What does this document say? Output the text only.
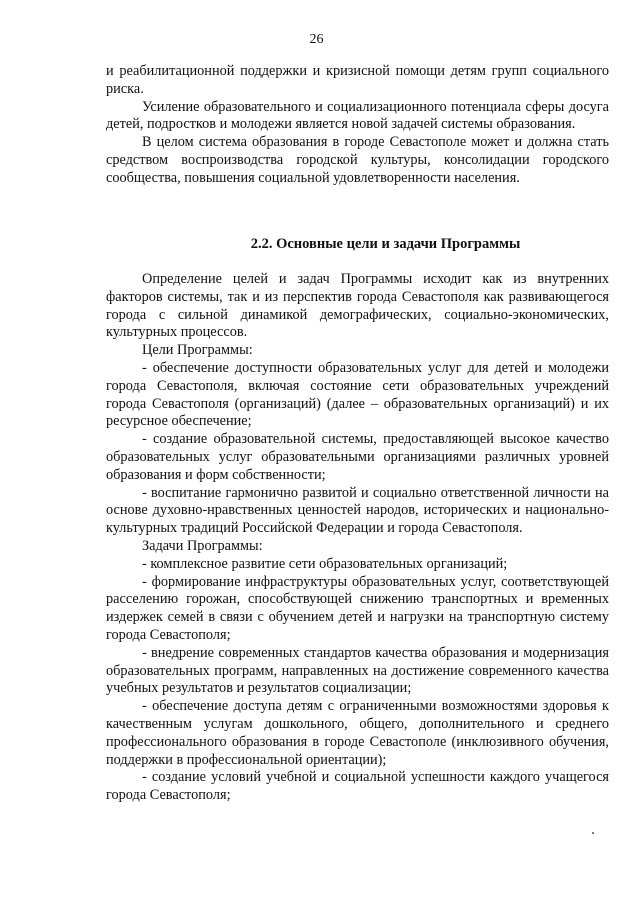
26

и реабилитационной поддержки и кризисной помощи детям групп социального риска.

Усиление образовательного и социализационного потенциала сферы досуга детей, подростков и молодежи является новой задачей системы образования.

В целом система образования в городе Севастополе может и должна стать средством воспроизводства городской культуры, консолидации городского сообщества, повышения социальной удовлетворенности населения.

2.2. Основные цели и задачи Программы

Определение целей и задач Программы исходит как из внутренних факторов системы, так и из перспектив города Севастополя как развивающегося города с сильной динамикой демографических, социально-экономических, культурных процессов.

Цели Программы:

- обеспечение доступности образовательных услуг для детей и молодежи города Севастополя, включая состояние сети образовательных учреждений города Севастополя (организаций) (далее – образовательных организаций) и их ресурсное обеспечение;

- создание образовательной системы, предоставляющей высокое качество образовательных услуг образовательными организациями различных уровней образования и форм собственности;

- воспитание гармонично развитой и социально ответственной личности на основе духовно-нравственных ценностей народов, исторических и национально-культурных традиций Российской Федерации и города Севастополя.

Задачи Программы:

- комплексное развитие сети образовательных организаций;

- формирование инфраструктуры образовательных услуг, соответствующей расселению горожан, способствующей снижению транспортных и временных издержек семей в связи с обучением детей и нагрузки на транспортную систему города Севастополя;

- внедрение современных стандартов качества образования и модернизация образовательных программ, направленных на достижение современного качества учебных результатов и результатов социализации;

- обеспечение доступа детям с ограниченными возможностями здоровья к качественным услугам дошкольного, общего, дополнительного и среднего профессионального образования в городе Севастополе (инклюзивного обучения, поддержки в профессиональной ориентации);

- создание условий учебной и социальной успешности каждого учащегося города Севастополя;
